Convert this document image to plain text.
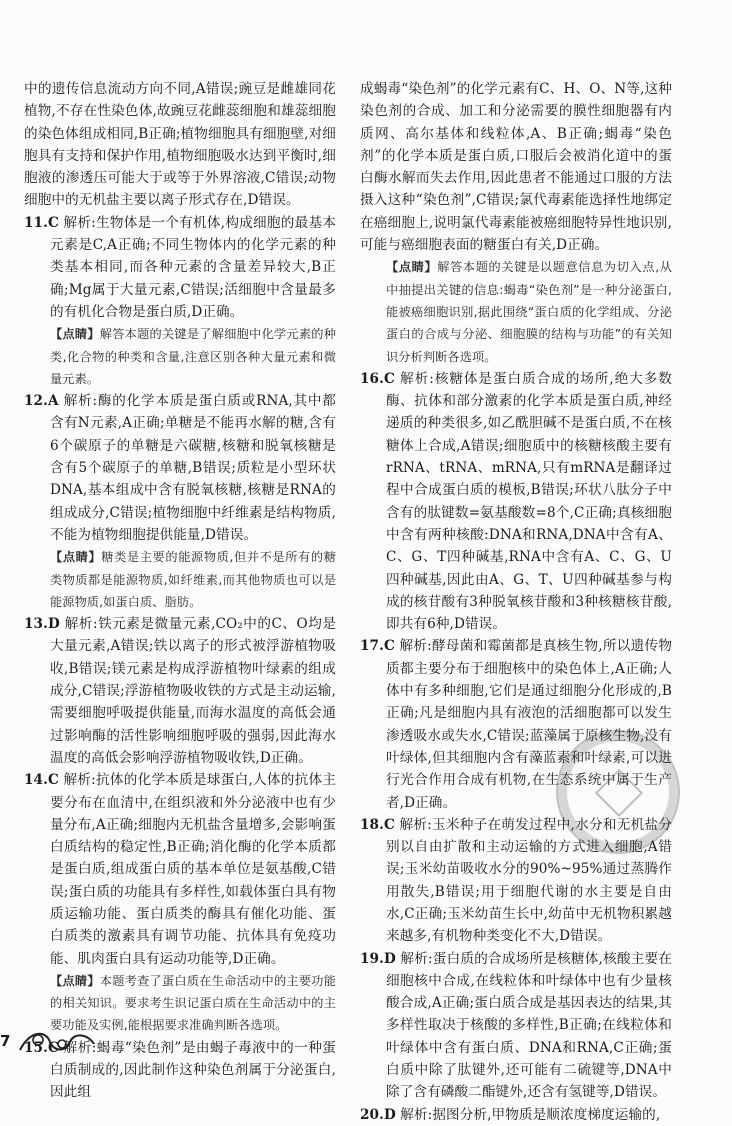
中的遗传信息流动方向不同,A错误;豌豆是雌雄同花植物,不存在性染色体,故豌豆花雌蕊细胞和雄蕊细胞的染色体组成相同,B正确;植物细胞具有细胞壁,对细胞具有支持和保护作用,植物细胞吸水达到平衡时,细胞液的渗透压可能大于或等于外界溶液,C错误;动物细胞中的无机盐主要以离子形式存在,D错误。

11.C 解析:生物体是一个有机体,构成细胞的最基本元素是C,A正确;不同生物体内的化学元素的种类基本相同,而各种元素的含量差异较大,B正确;Mg属于大量元素,C错误;活细胞中含量最多的有机化合物是蛋白质,D正确。

【点睛】解答本题的关键是了解细胞中化学元素的种类,化合物的种类和含量,注意区别各种大量元素和微量元素。

12.A 解析:酶的化学本质是蛋白质或RNA,其中都含有N元素,A正确;单糖是不能再水解的糖,含有6个碳原子的单糖是六碳糖,核糖和脱氧核糖是含有5个碳原子的单糖,B错误;质粒是小型环状DNA,基本组成中含有脱氧核糖,核糖是RNA的组成成分,C错误;植物细胞中纤维素是结构物质,不能为植物细胞提供能量,D错误。

【点睛】糖类是主要的能源物质,但并不是所有的糖类物质都是能源物质,如纤维素,而其他物质也可以是能源物质,如蛋白质、脂肪。

13.D 解析:铁元素是微量元素,CO₂中的C、O均是大量元素,A错误;铁以离子的形式被浮游植物吸收,B错误;镁元素是构成浮游植物叶绿素的组成成分,C错误;浮游植物吸收铁的方式是主动运输,需要细胞呼吸提供能量,而海水温度的高低会通过影响酶的活性影响细胞呼吸的强弱,因此海水温度的高低会影响浮游植物吸收铁,D正确。

14.C 解析:抗体的化学本质是球蛋白,人体的抗体主要分布在血清中,在组织液和外分泌液中也有少量分布,A正确;细胞内无机盐含量增多,会影响蛋白质结构的稳定性,B正确;消化酶的化学本质都是蛋白质,组成蛋白质的基本单位是氨基酸,C错误;蛋白质的功能具有多样性,如载体蛋白具有物质运输功能、蛋白质类的酶具有催化功能、蛋白质类的激素具有调节功能、抗体具有免疫功能、肌肉蛋白具有运动功能等,D正确。

【点睛】本题考查了蛋白质在生命活动中的主要功能的相关知识。要求考生识记蛋白质在生命活动中的主要功能及实例,能根据要求准确判断各选项。

15.C 解析:蝎毒“染色剂”是由蝎子毒液中的一种蛋白质制成的,因此制作这种染色剂属于分泌蛋白,因此组

成蝎毒“染色剂”的化学元素有C、H、O、N等,这种染色剂的合成、加工和分泌需要的膜性细胞器有内质网、高尔基体和线粒体,A、B正确;蝎毒“染色剂”的化学本质是蛋白质,口服后会被消化道中的蛋白酶水解而失去作用,因此患者不能通过口服的方法摄入这种“染色剂”,C错误;氯代毒素能选择性地绑定在癌细胞上,说明氯代毒素能被癌细胞特异性地识别,可能与癌细胞表面的糖蛋白有关,D正确。

【点睛】解答本题的关键是以题意信息为切入点,从中抽提出关键的信息:蝎毒“染色剂”是一种分泌蛋白,能被癌细胞识别,据此围绕“蛋白质的化学组成、分泌蛋白的合成与分泌、细胞膜的结构与功能”的有关知识分析判断各选项。

16.C 解析:核糖体是蛋白质合成的场所,绝大多数酶、抗体和部分激素的化学本质是蛋白质,神经递质的种类很多,如乙酰胆碱不是蛋白质,不在核糖体上合成,A错误;细胞质中的核糖核酸主要有rRNA、tRNA、mRNA,只有mRNA是翻译过程中合成蛋白质的模板,B错误;环状八肽分子中含有的肽键数=氨基酸数=8个,C正确;真核细胞中含有两种核酸:DNA和RNA,DNA中含有A、C、G、T四种碱基,RNA中含有A、C、G、U四种碱基,因此由A、G、T、U四种碱基参与构成的核苷酸有3种脱氧核苷酸和3种核糖核苷酸,即共有6种,D错误。

17.C 解析:酵母菌和霉菌都是真核生物,所以遗传物质都主要分布于细胞核中的染色体上,A正确;人体中有多种细胞,它们是通过细胞分化形成的,B正确;凡是细胞内具有液泡的活细胞都可以发生渗透吸水或失水,C错误;蓝藻属于原核生物,没有叶绿体,但其细胞内含有藻蓝素和叶绿素,可以进行光合作用合成有机物,在生态系统中属于生产者,D正确。

18.C 解析:玉米种子在萌发过程中,水分和无机盐分别以自由扩散和主动运输的方式进入细胞,A错误;玉米幼苗吸收水分的90%~95%通过蒸腾作用散失,B错误;用于细胞代谢的水主要是自由水,C正确;玉米幼苗生长中,幼苗中无机物积累越来越多,有机物种类变化不大,D错误。

19.D 解析:蛋白质的合成场所是核糖体,核酸主要在细胞核中合成,在线粒体和叶绿体中也有少量核酸合成,A正确;蛋白质合成是基因表达的结果,其多样性取决于核酸的多样性,B正确;在线粒体和叶绿体中含有蛋白质、DNA和RNA,C正确;蛋白质中除了肽键外,还可能有二硫键等,DNA中除了含有磷酸二酯键外,还含有氢键等,D错误。

20.D 解析:据图分析,甲物质是顺浓度梯度运输的,

7
